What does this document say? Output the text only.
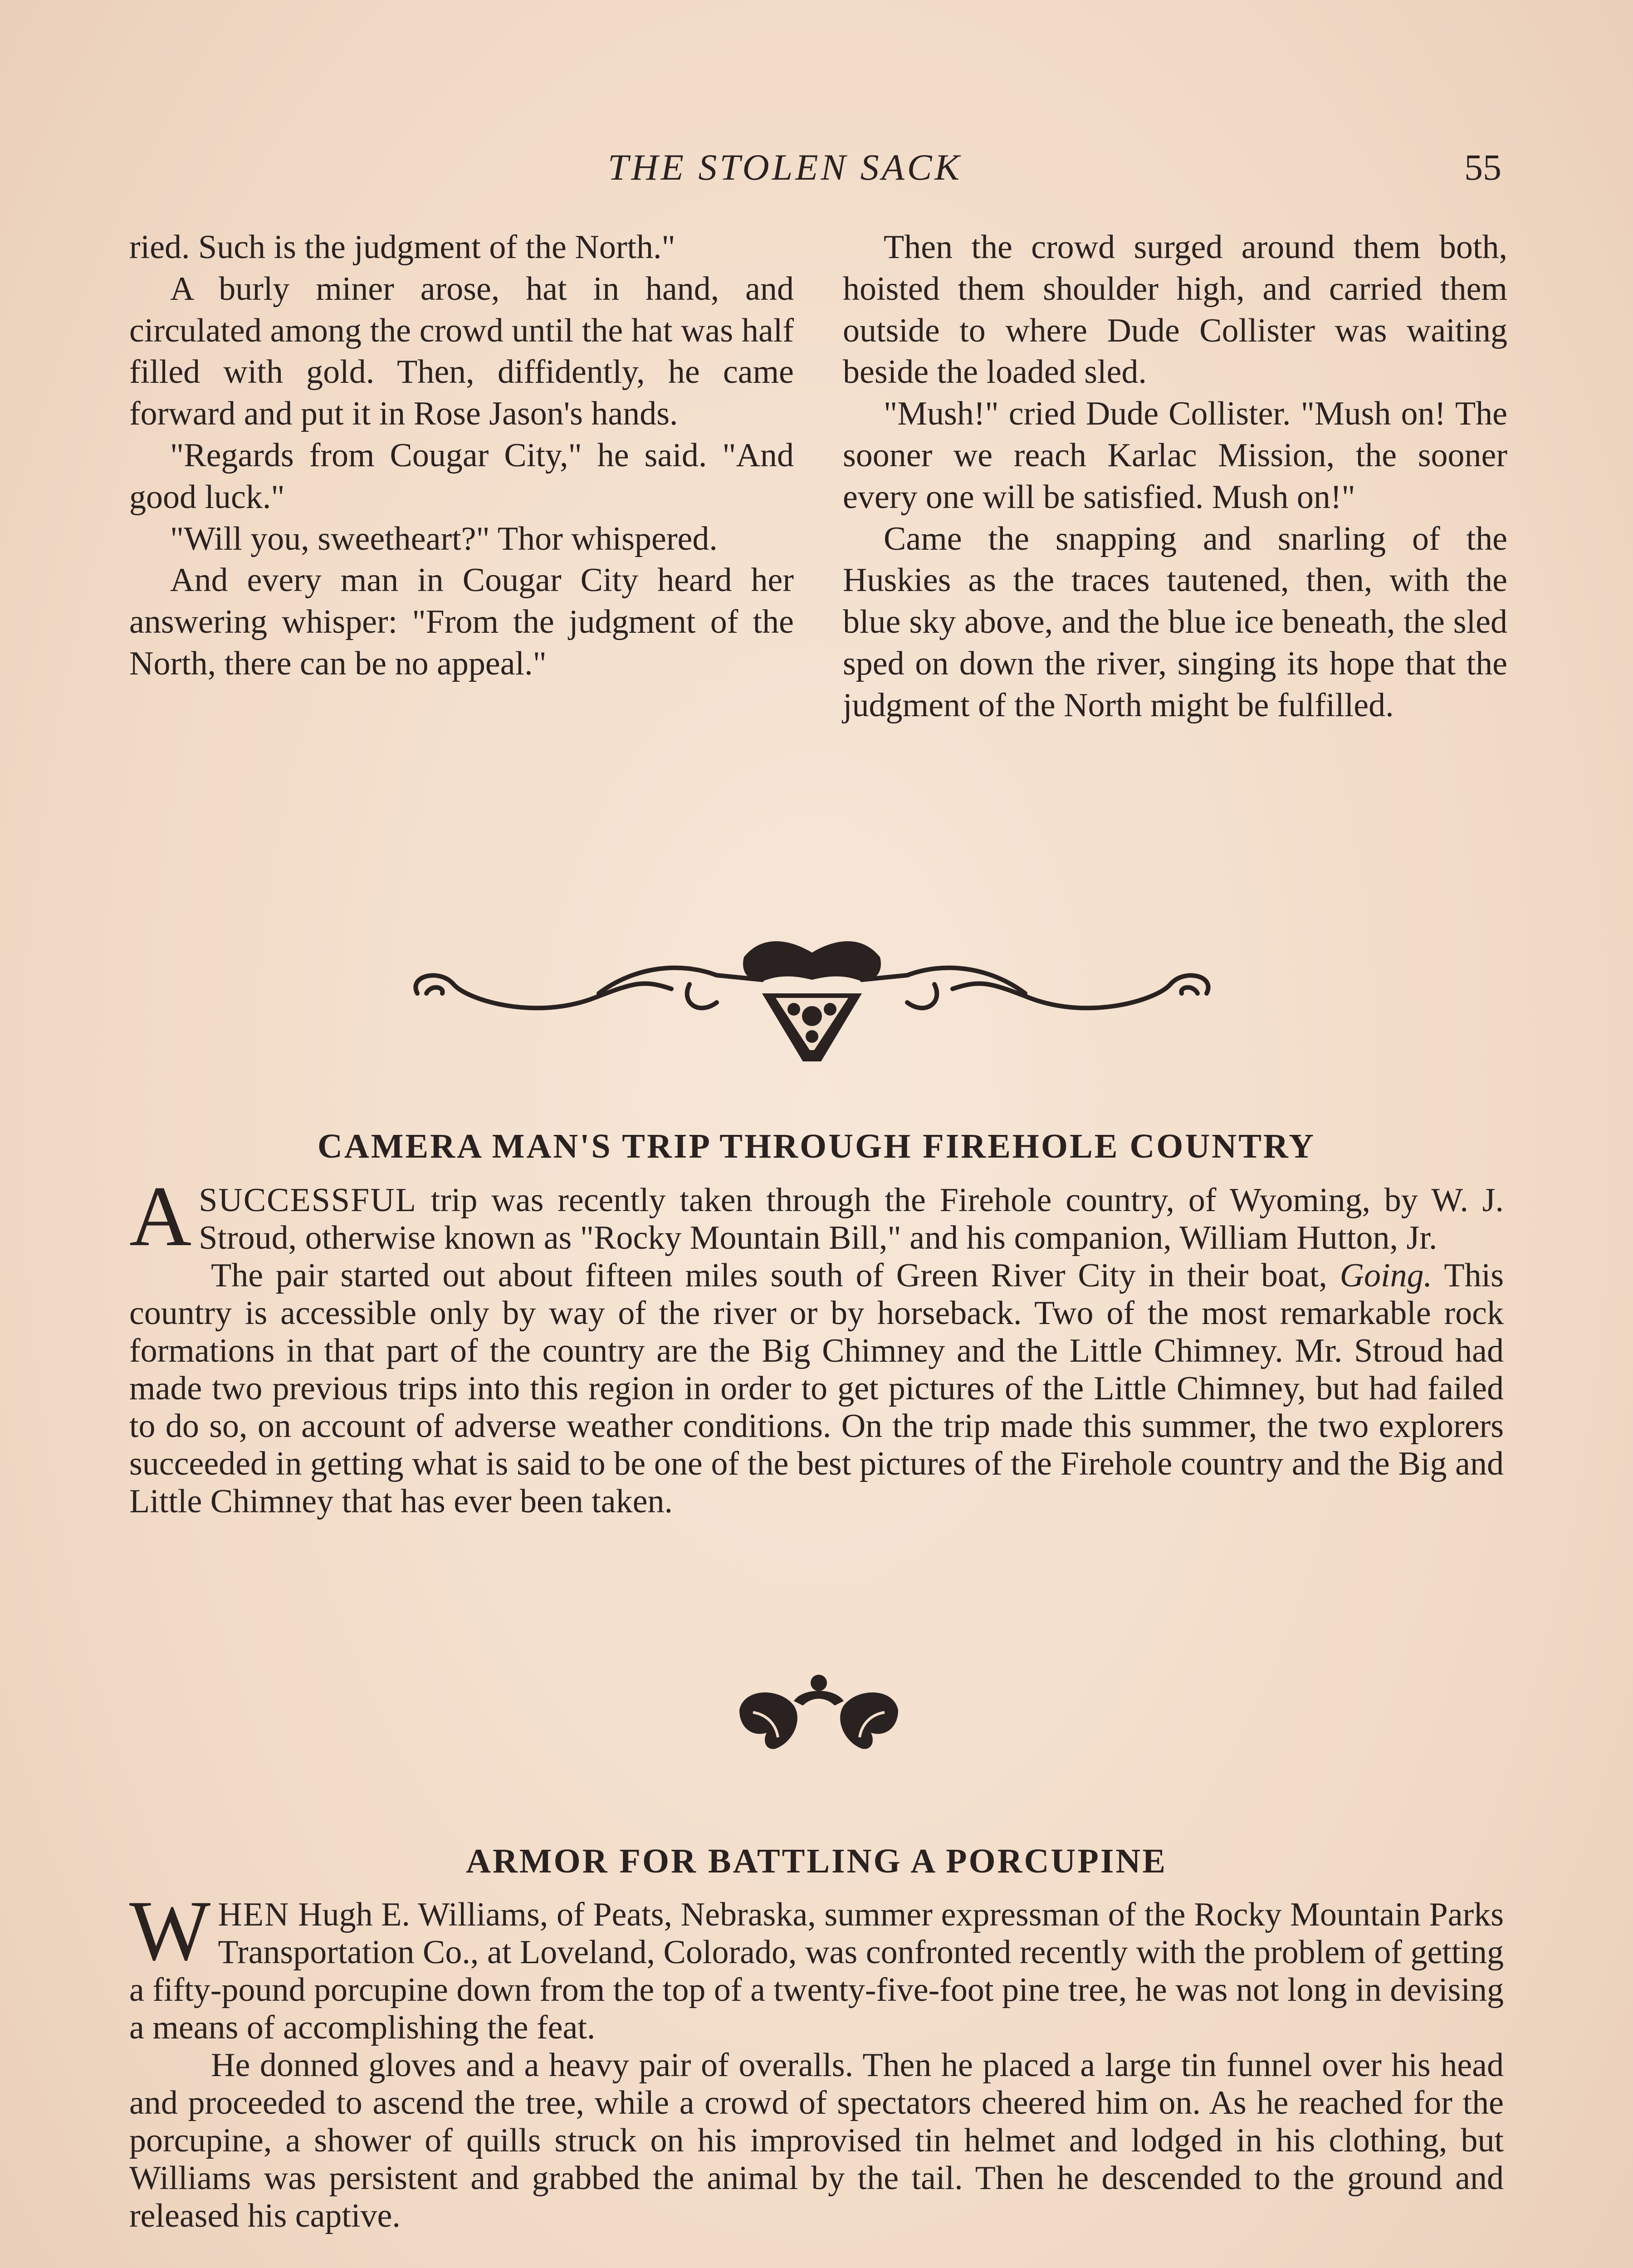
THE STOLEN SACK	55

ried. Such is the judgment of the North."

A burly miner arose, hat in hand, and circulated among the crowd until the hat was half filled with gold. Then, diffidently, he came forward and put it in Rose Jason's hands.

"Regards from Cougar City," he said. "And good luck."

"Will you, sweetheart?" Thor whispered.

And every man in Cougar City heard her answering whisper: "From the judgment of the North, there can be no appeal."

Then the crowd surged around them both, hoisted them shoulder high, and carried them outside to where Dude Collister was waiting beside the loaded sled.

"Mush!" cried Dude Collister. "Mush on! The sooner we reach Karlac Mission, the sooner every one will be satisfied. Mush on!"

Came the snapping and snarling of the Huskies as the traces tautened, then, with the blue sky above, and the blue ice beneath, the sled sped on down the river, singing its hope that the judgment of the North might be fulfilled.

CAMERA MAN'S TRIP THROUGH FIREHOLE COUNTRY

ASUCCESSFUL trip was recently taken through the Firehole country, of Wyoming, by W. J. Stroud, otherwise known as "Rocky Mountain Bill," and his companion, William Hutton, Jr.

The pair started out about fifteen miles south of Green River City in their boat, Going. This country is accessible only by way of the river or by horseback. Two of the most remarkable rock formations in that part of the country are the Big Chimney and the Little Chimney. Mr. Stroud had made two previous trips into this region in order to get pictures of the Little Chimney, but had failed to do so, on account of adverse weather conditions. On the trip made this summer, the two explorers succeeded in getting what is said to be one of the best pictures of the Firehole country and the Big and Little Chimney that has ever been taken.

ARMOR FOR BATTLING A PORCUPINE

WHEN Hugh E. Williams, of Peats, Nebraska, summer expressman of the Rocky Mountain Parks Transportation Co., at Loveland, Colorado, was confronted recently with the problem of getting a fifty-pound porcupine down from the top of a twenty-five-foot pine tree, he was not long in devising a means of accomplishing the feat.

He donned gloves and a heavy pair of overalls. Then he placed a large tin funnel over his head and proceeded to ascend the tree, while a crowd of spectators cheered him on. As he reached for the porcupine, a shower of quills struck on his improvised tin helmet and lodged in his clothing, but Williams was persistent and grabbed the animal by the tail. Then he descended to the ground and released his captive.
